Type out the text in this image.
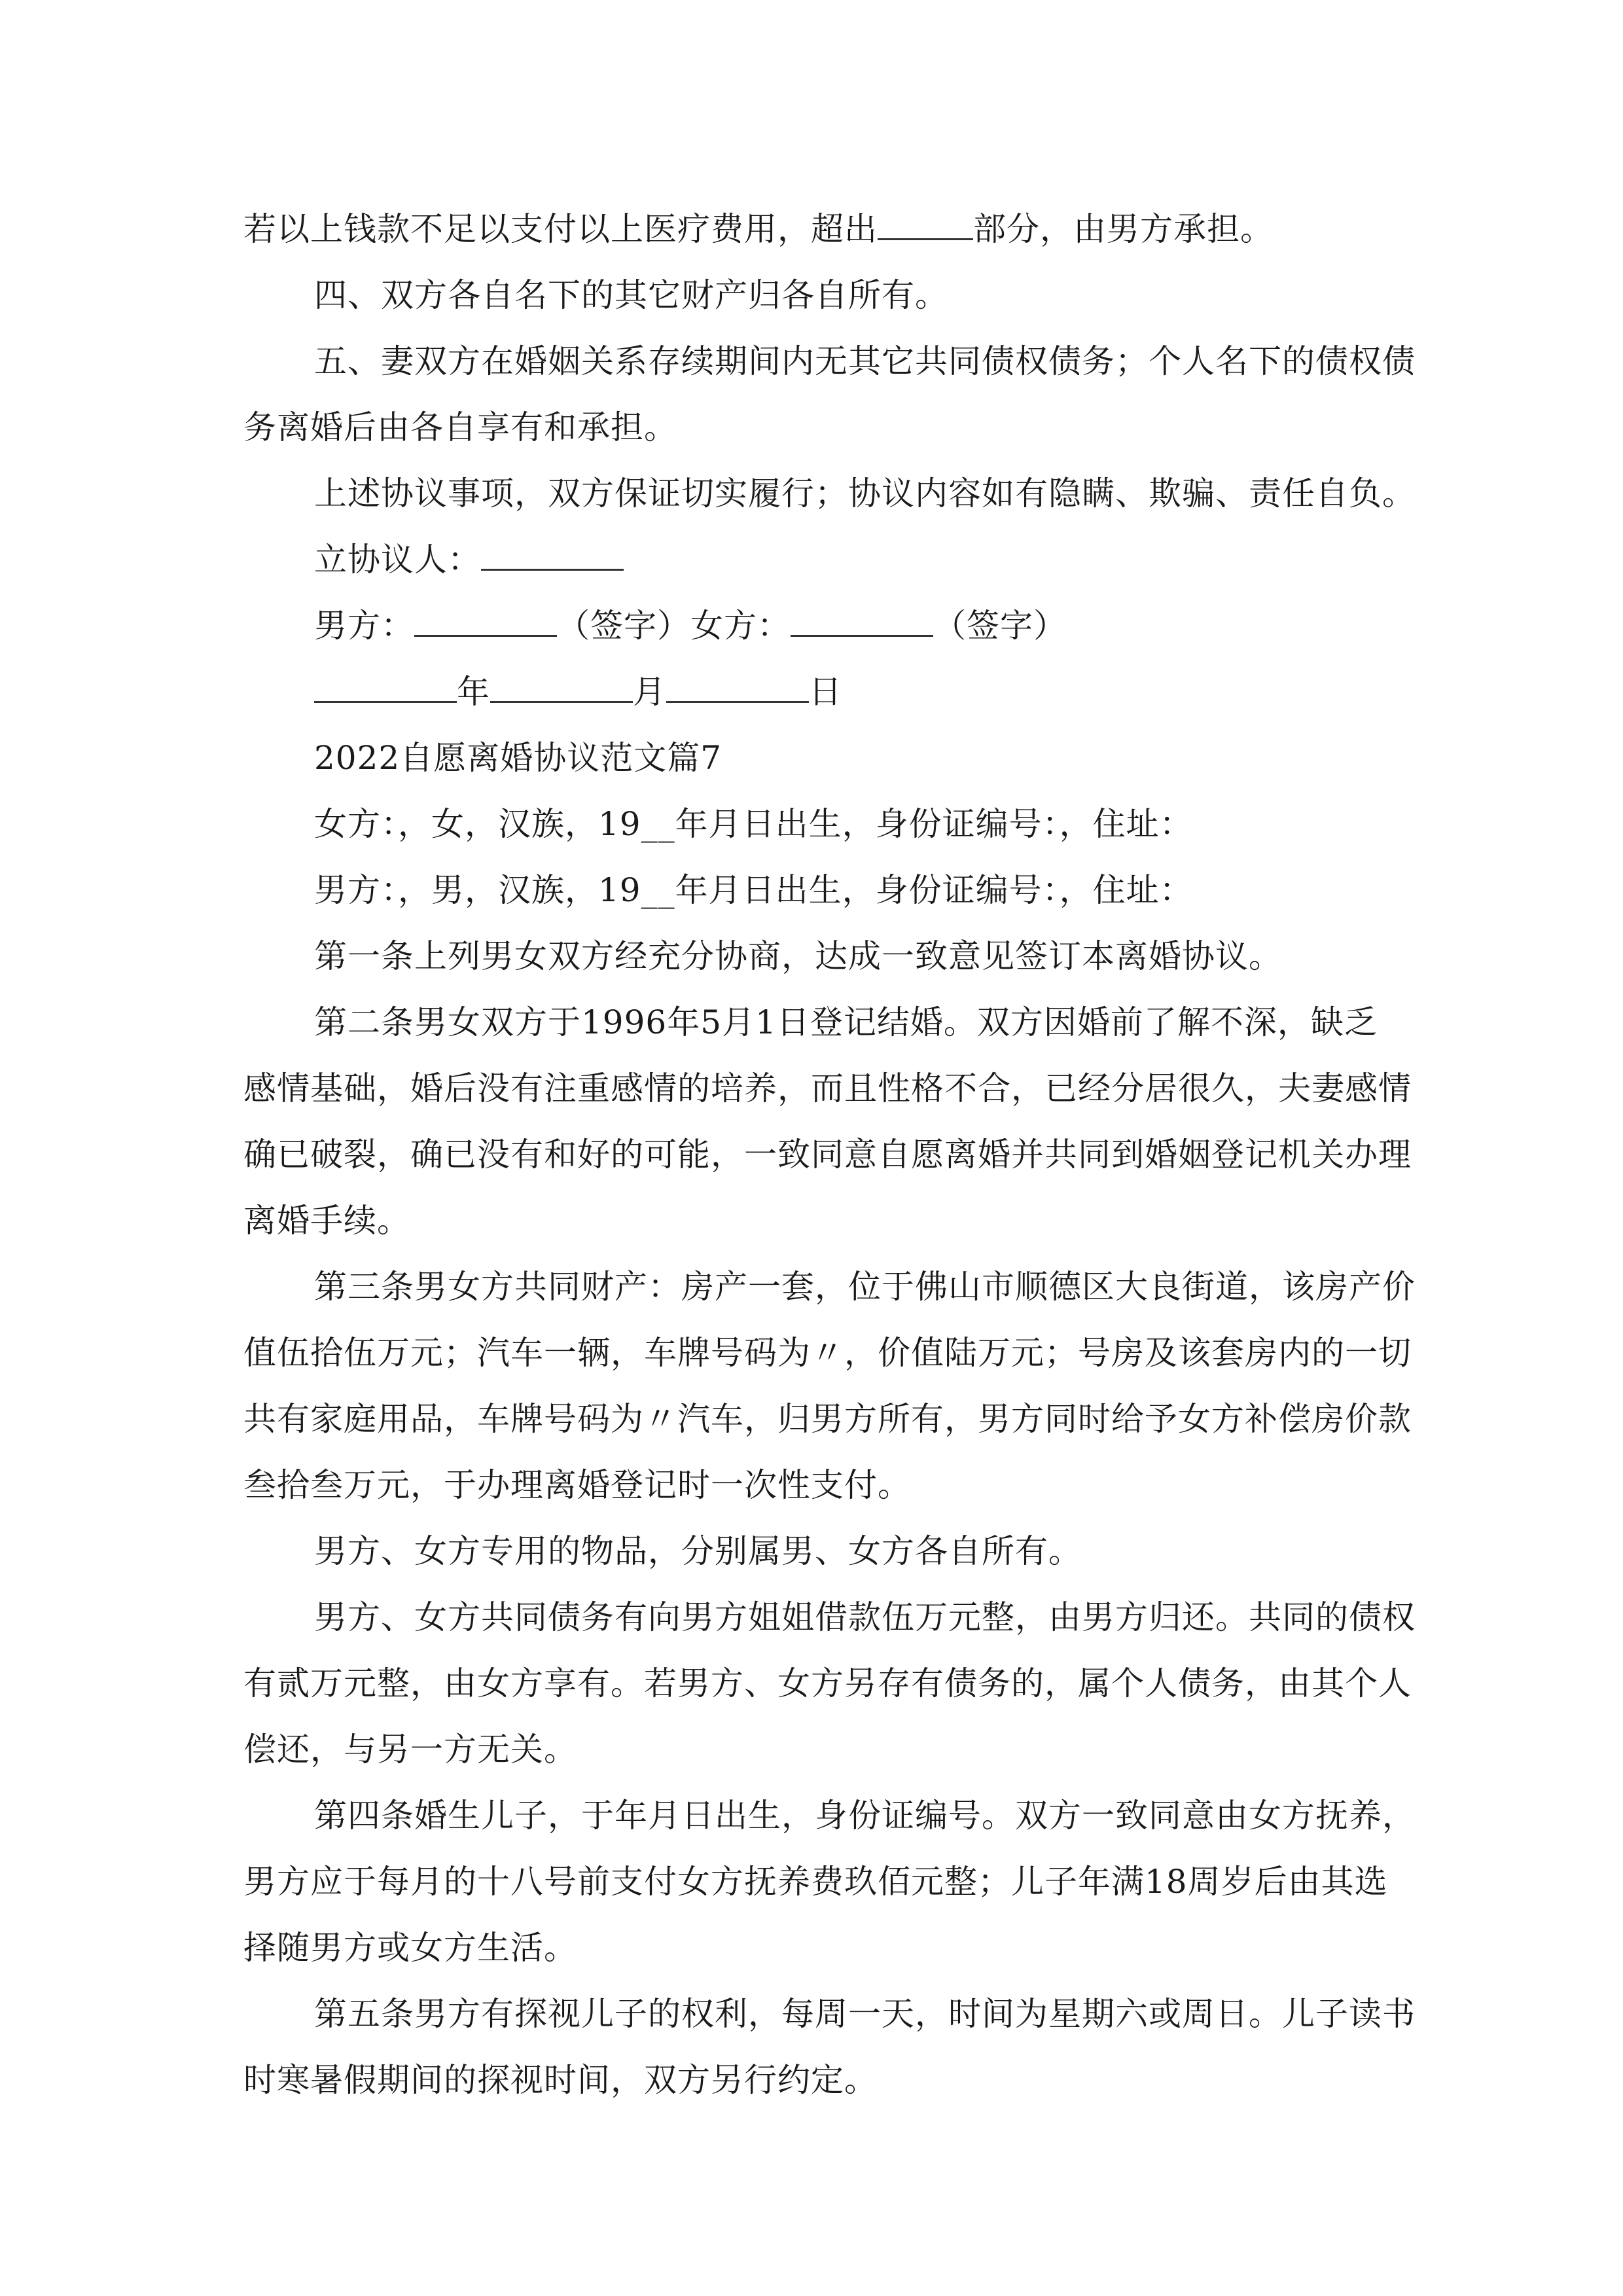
若以上钱款不足以支付以上医疗费用，超出	部分，由男方承担。
四、双方各自名下的其它财产归各自所有。
五、妻双方在婚姻关系存续期间内无其它共同债权债务；个人名下的债权债
务离婚后由各自享有和承担。
上述协议事项，双方保证切实履行；协议内容如有隐瞒、欺骗、责任自负。
立协议人：
男方：	（签字）女方：	（签字）
年	月	日
2022自愿离婚协议范文篇7
女方：，女，汉族，19__年月日出生，身份证编号：，住址：
男方：，男，汉族，19__年月日出生，身份证编号：，住址：
第一条上列男女双方经充分协商，达成一致意见签订本离婚协议。
第二条男女双方于1996年5月1日登记结婚。双方因婚前了解不深，缺乏
感情基础，婚后没有注重感情的培养，而且性格不合，已经分居很久，夫妻感情
确已破裂，确已没有和好的可能，一致同意自愿离婚并共同到婚姻登记机关办理
离婚手续。
第三条男女方共同财产：房产一套，位于佛山市顺德区大良街道，该房产价
值伍拾伍万元；汽车一辆，车牌号码为〃，价值陆万元；号房及该套房内的一切
共有家庭用品，车牌号码为〃汽车，归男方所有，男方同时给予女方补偿房价款
叁拾叁万元，于办理离婚登记时一次性支付。
男方、女方专用的物品，分别属男、女方各自所有。
男方、女方共同债务有向男方姐姐借款伍万元整，由男方归还。共同的债权
有贰万元整，由女方享有。若男方、女方另存有债务的，属个人债务，由其个人
偿还，与另一方无关。
第四条婚生儿子，于年月日出生，身份证编号。双方一致同意由女方抚养，
男方应于每月的十八号前支付女方抚养费玖佰元整；儿子年满18周岁后由其选
择随男方或女方生活。
第五条男方有探视儿子的权利，每周一天，时间为星期六或周日。儿子读书
时寒暑假期间的探视时间，双方另行约定。
